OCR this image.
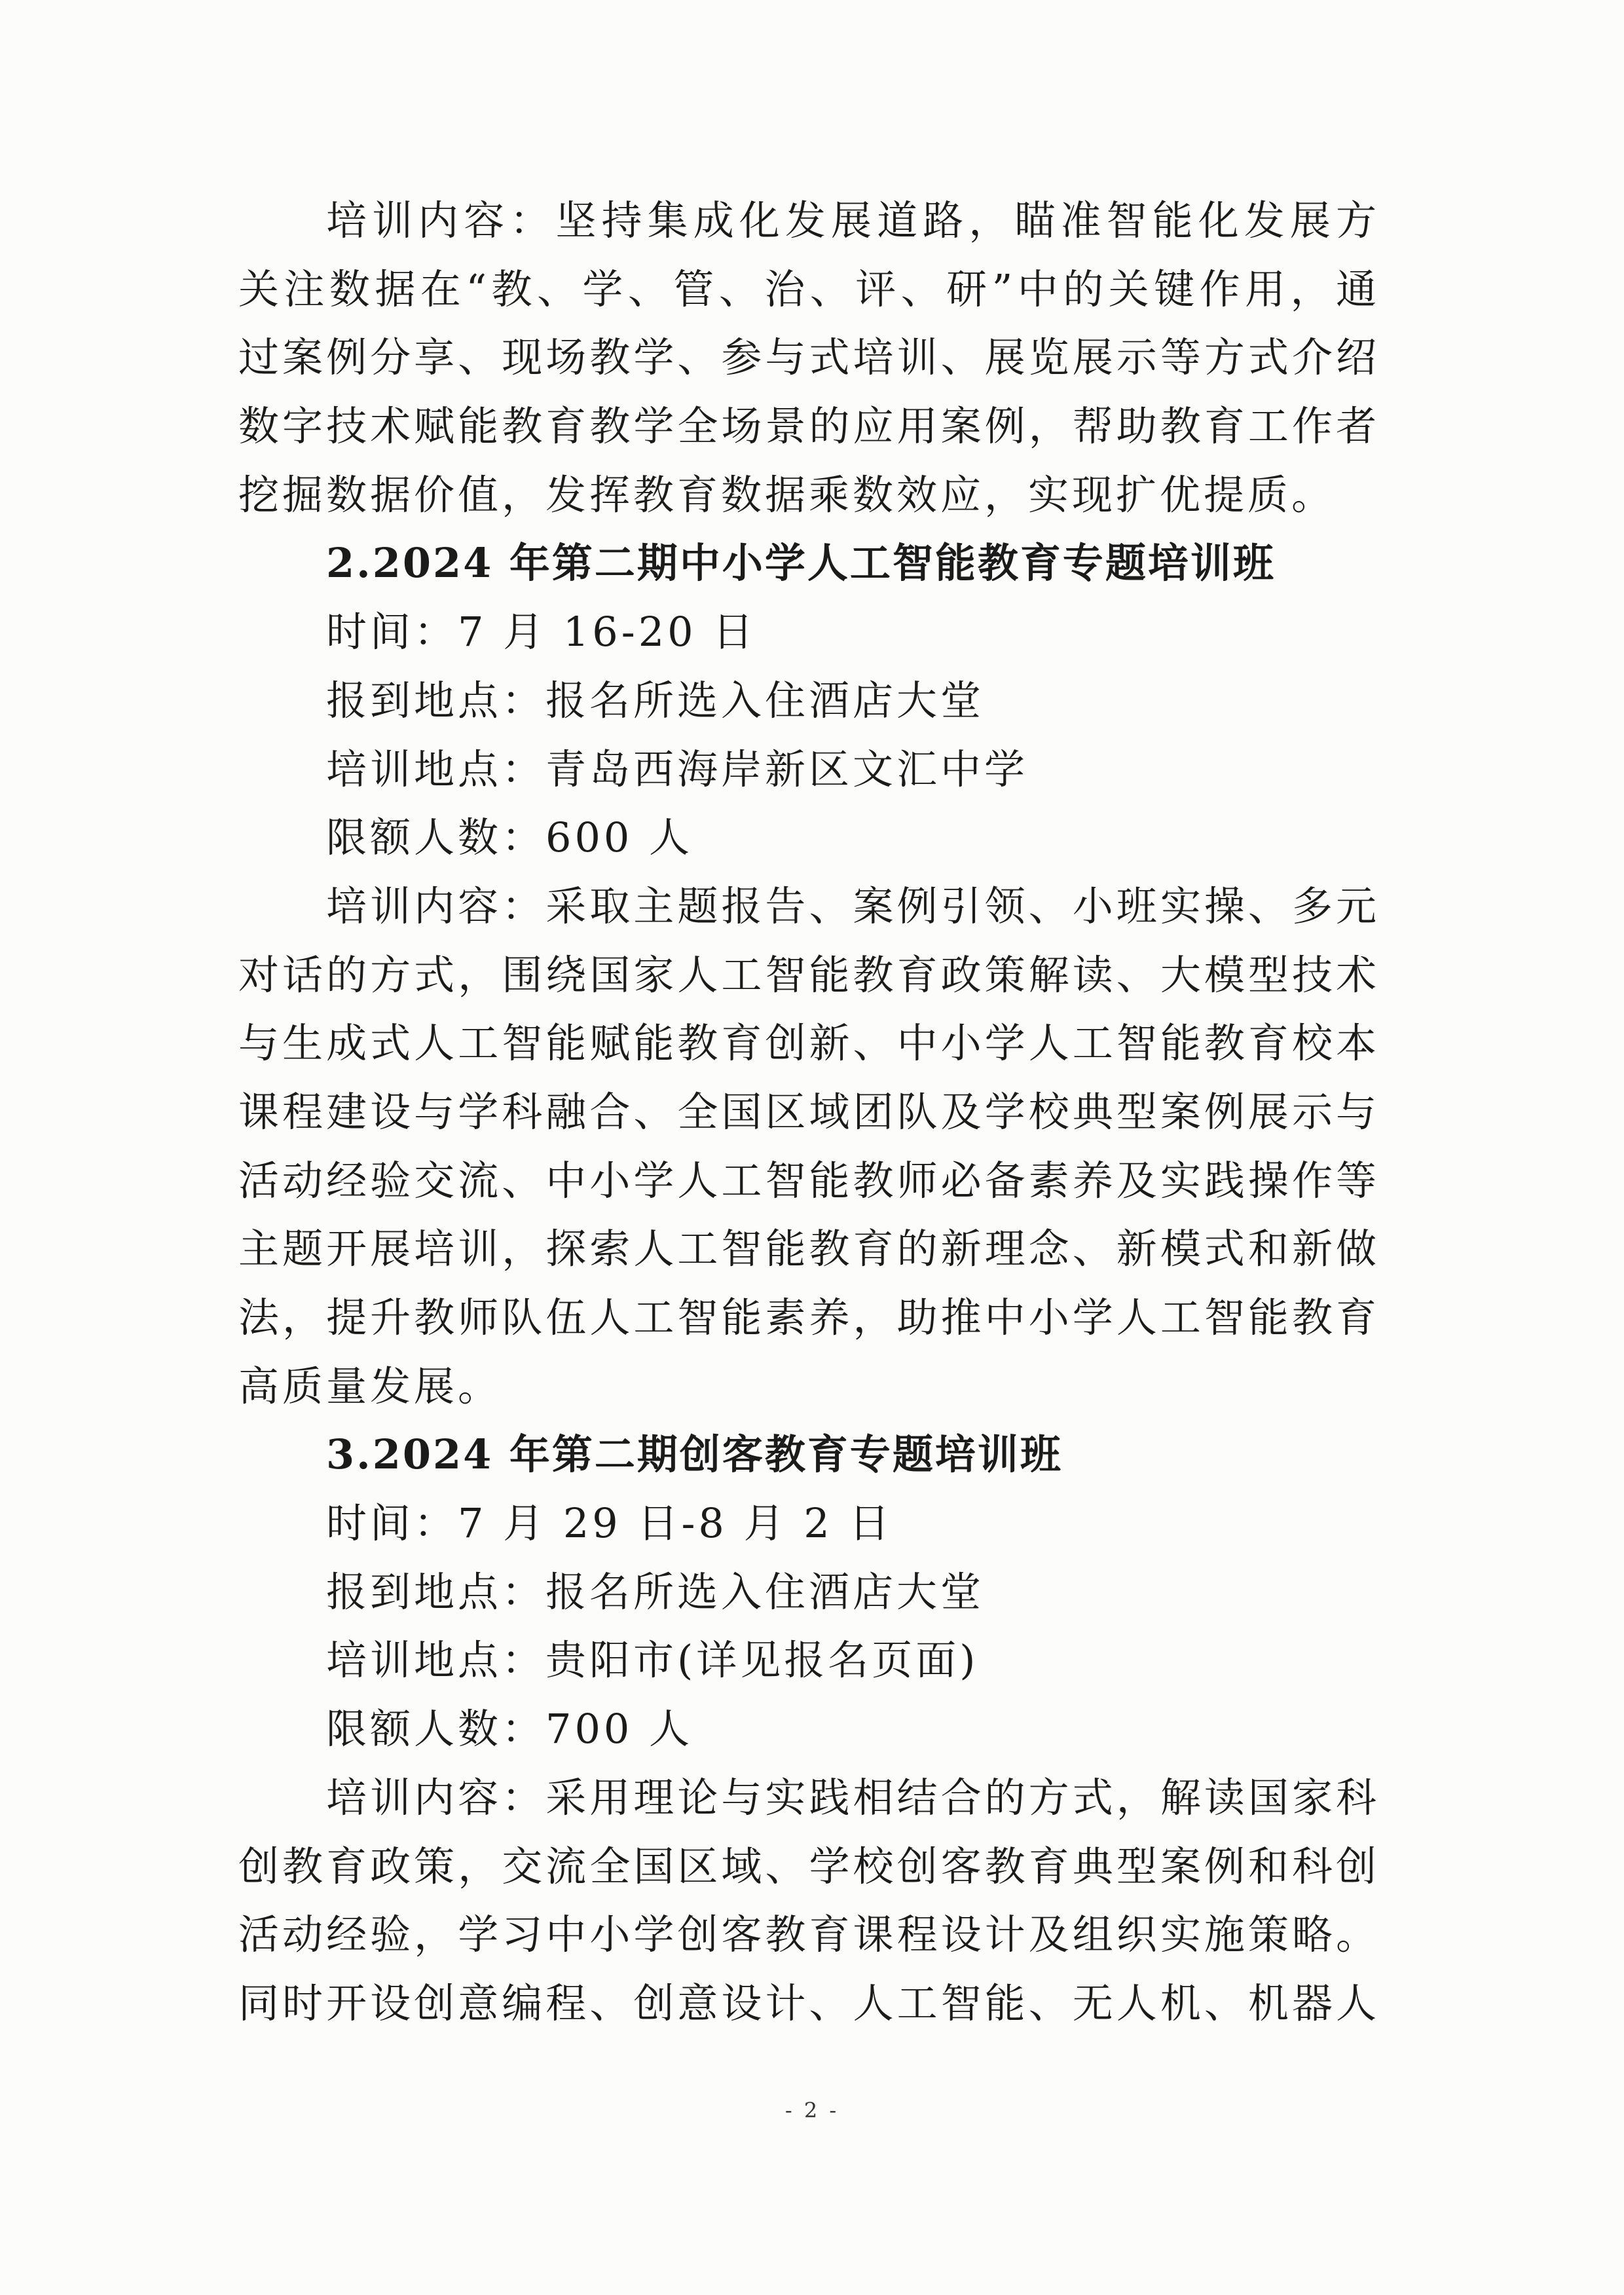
培训内容：坚持集成化发展道路，瞄准智能化发展方
关注数据在“教、学、管、治、评、研”中的关键作用，通
过案例分享、现场教学、参与式培训、展览展示等方式介绍
数字技术赋能教育教学全场景的应用案例，帮助教育工作者
挖掘数据价值，发挥教育数据乘数效应，实现扩优提质。
2.2024 年第二期中小学人工智能教育专题培训班
时间：7 月 16-20 日
报到地点：报名所选入住酒店大堂
培训地点：青岛西海岸新区文汇中学
限额人数：600 人
培训内容：采取主题报告、案例引领、小班实操、多元
对话的方式，围绕国家人工智能教育政策解读、大模型技术
与生成式人工智能赋能教育创新、中小学人工智能教育校本
课程建设与学科融合、全国区域团队及学校典型案例展示与
活动经验交流、中小学人工智能教师必备素养及实践操作等
主题开展培训，探索人工智能教育的新理念、新模式和新做
法，提升教师队伍人工智能素养，助推中小学人工智能教育
高质量发展。
3.2024 年第二期创客教育专题培训班
时间：7 月 29 日-8 月 2 日
报到地点：报名所选入住酒店大堂
培训地点：贵阳市(详见报名页面)
限额人数：700 人
培训内容：采用理论与实践相结合的方式，解读国家科
创教育政策，交流全国区域、学校创客教育典型案例和科创
活动经验，学习中小学创客教育课程设计及组织实施策略。
同时开设创意编程、创意设计、人工智能、无人机、机器人
- 2 -
